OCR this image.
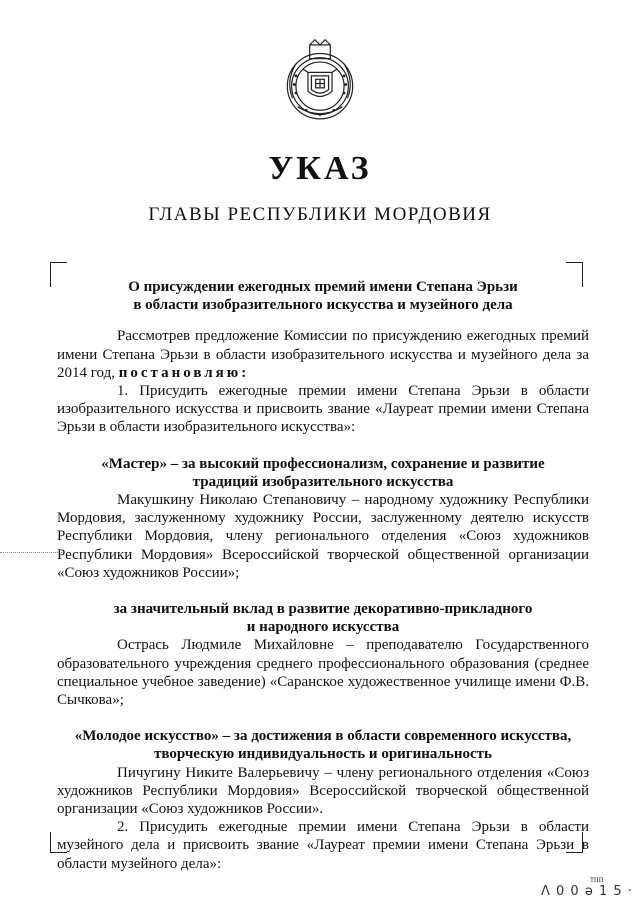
УКАЗ
ГЛАВЫ РЕСПУБЛИКИ МОРДОВИЯ

О присуждении ежегодных премий имени Степана Эрьзи

в области изобразительного искусства и музейного дела

Рассмотрев предложение Комиссии по присуждению ежегодных премий имени Степана Эрьзи в области изобразительного искусства и музейного дела за 2014 год, постановляю:

1. Присудить ежегодные премии имени Степана Эрьзи в области изобразительного искусства и присвоить звание «Лауреат премии имени Степана Эрьзи в области изобразительного искусства»:

«Мастер» – за высокий профессионализм, сохранение и развитие

традиций изобразительного искусства

Макушкину Николаю Степановичу – народному художнику Республики Мордовия, заслуженному художнику России, заслуженному деятелю искусств Республики Мордовия, члену регионального отделения «Союз художников Республики Мордовия» Всероссийской творческой общественной организации «Союз художников России»;

за значительный вклад в развитие декоративно-прикладного

и народного искусства

Острась Людмиле Михайловне – преподавателю Государственного образовательного учреждения среднего профессионального образования (среднее специальное учебное заведение) «Саранское художественное училище имени Ф.В. Сычкова»;

«Молодое искусство» – за достижения в области современного искусства,

творческую индивидуальность и оригинальность

Пичугину Никите Валерьевичу – члену регионального отделения «Союз художников Республики Мордовия» Всероссийской творческой общественной организации «Союз художников России».

2. Присудить ежегодные премии имени Степана Эрьзи в области музейного дела и присвоить звание «Лауреат премии имени Степана Эрьзи в области музейного дела»:

тпп
Ʌ 0 0 ə 1 5 ·
